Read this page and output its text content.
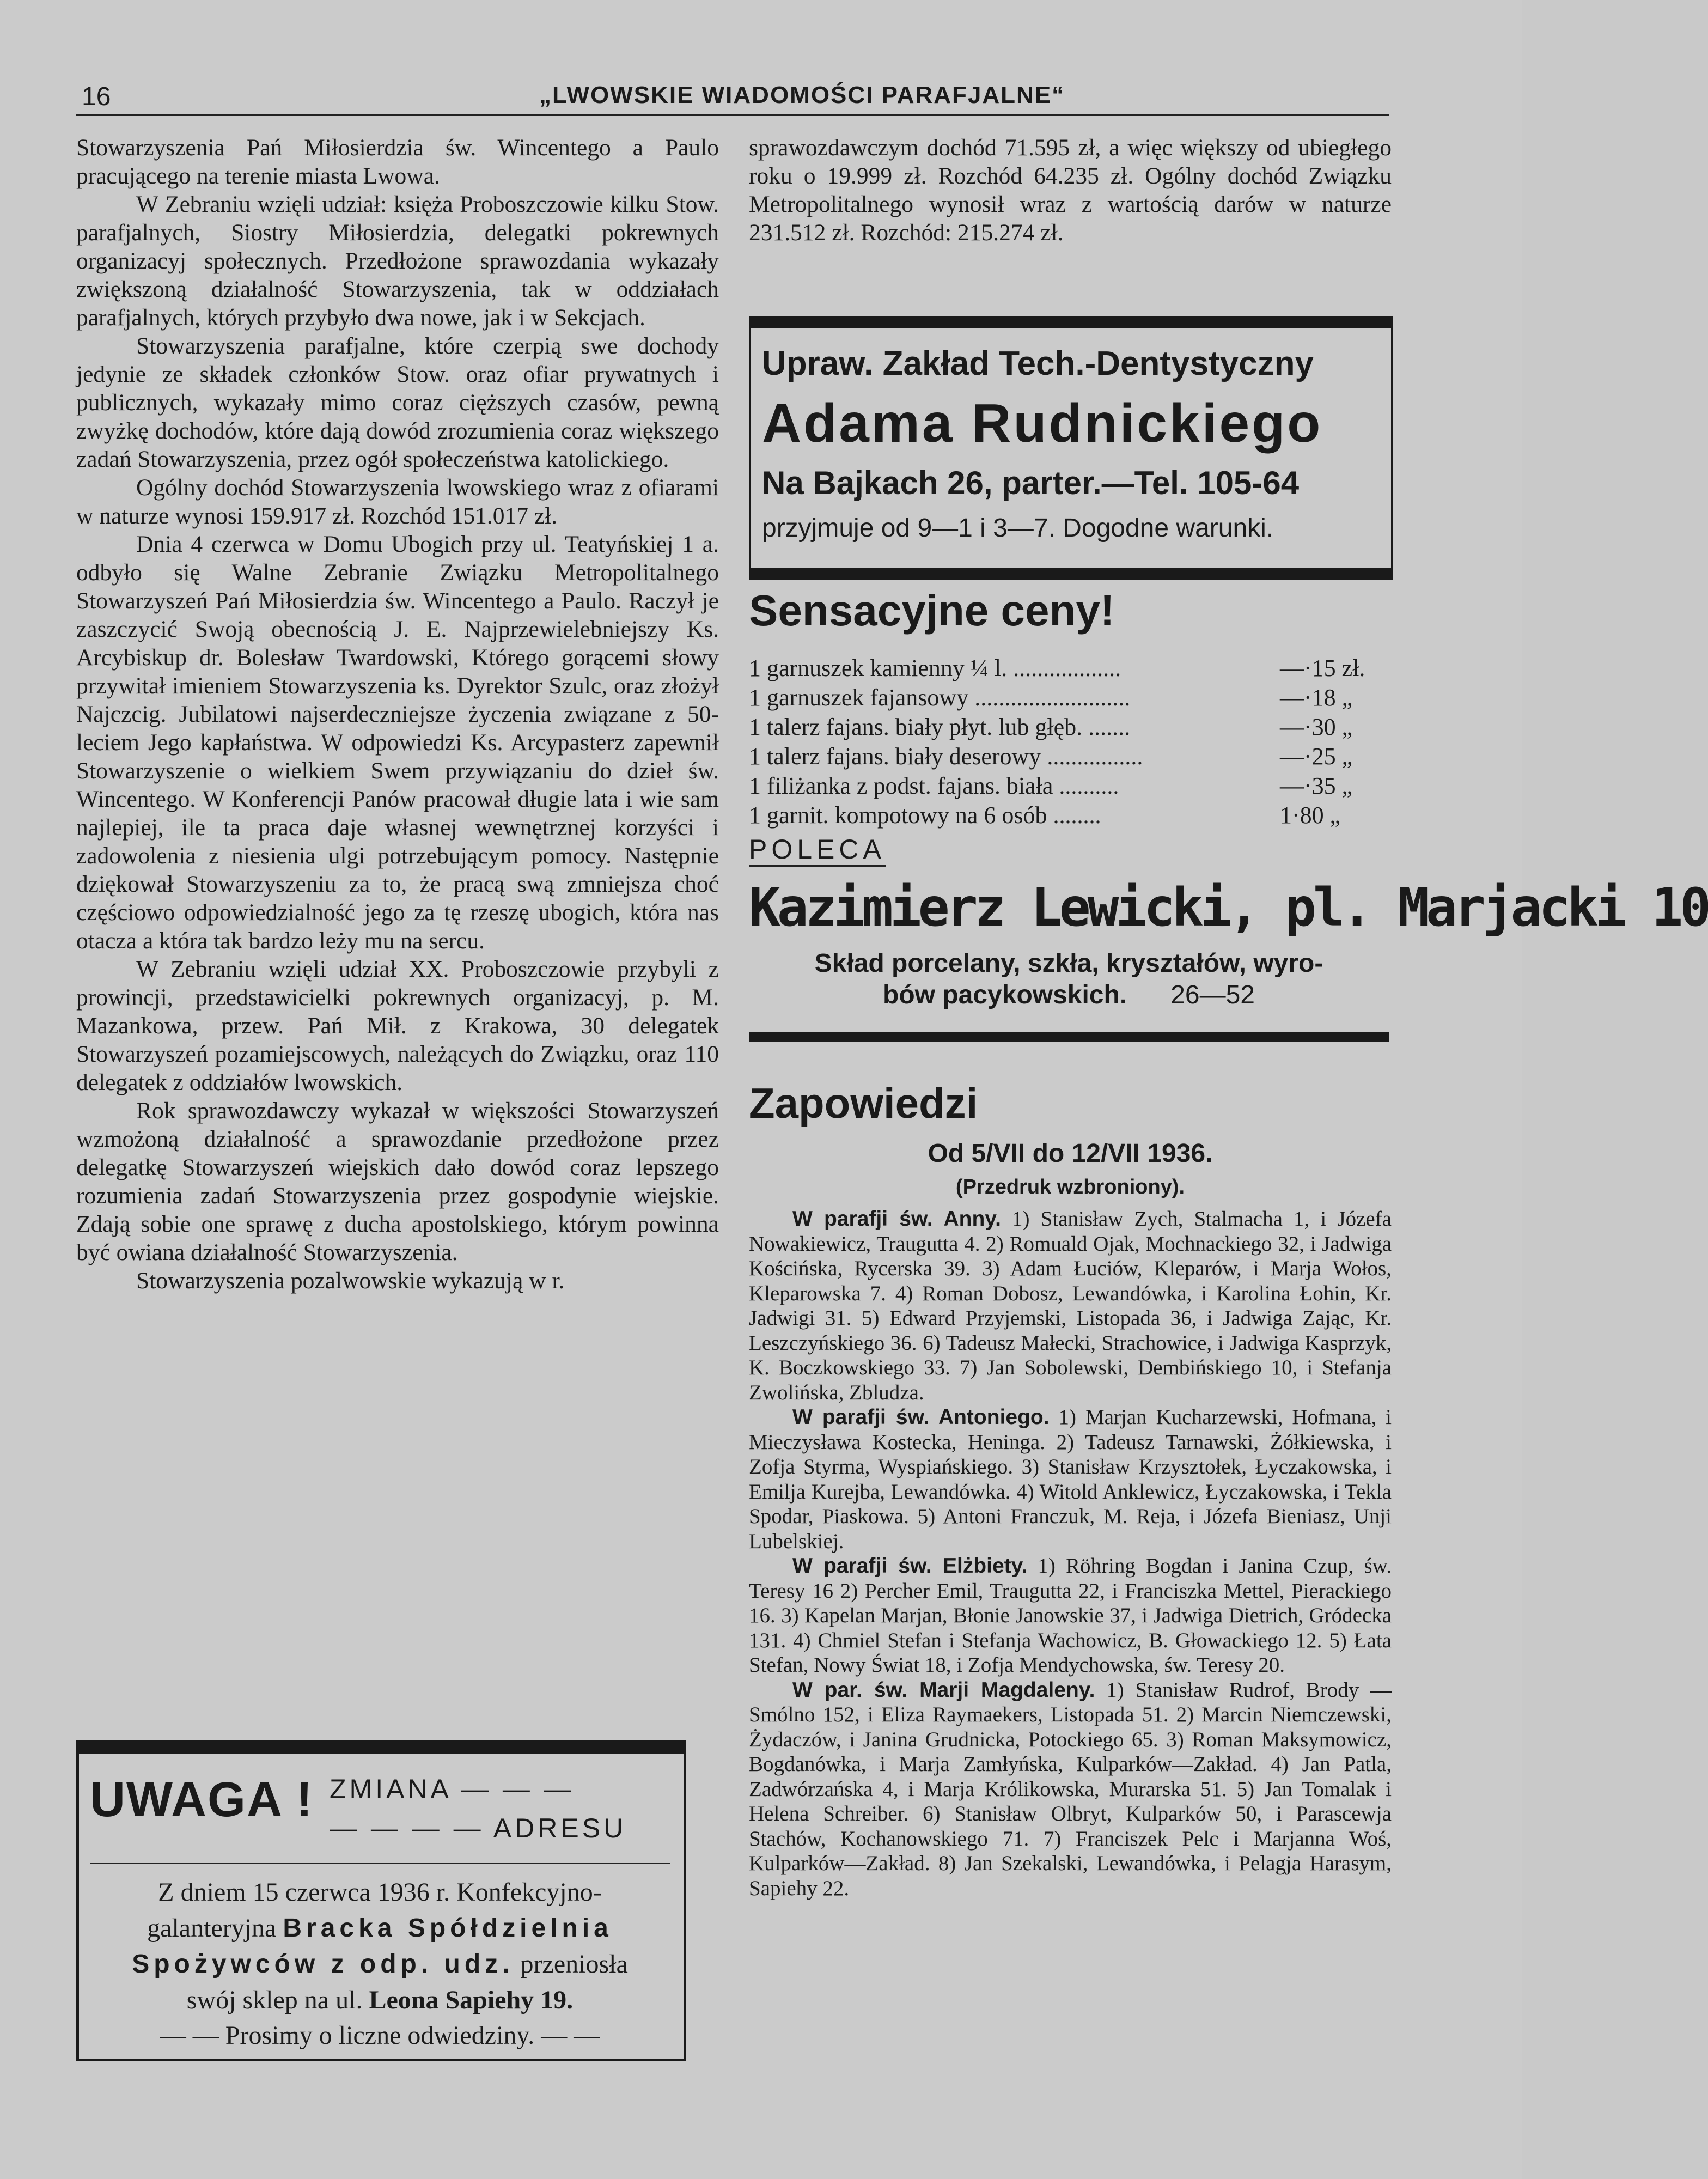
16	„LWOWSKIE WIADOMOŚCI PARAFJALNE“

Stowarzyszenia Pań Miłosierdzia św. Wincentego a Paulo pracującego na terenie miasta Lwowa.

W Zebraniu wzięli udział: księża Proboszczowie kilku Stow. parafjalnych, Siostry Miłosierdzia, delegatki pokrewnych organizacyj społecznych. Przedłożone sprawozdania wykazały zwiększoną działalność Stowarzyszenia, tak w oddziałach parafjalnych, których przybyło dwa nowe, jak i w Sekcjach.

Stowarzyszenia parafjalne, które czerpią swe dochody jedynie ze składek członków Stow. oraz ofiar prywatnych i publicznych, wykazały mimo coraz cięższych czasów, pewną zwyżkę dochodów, które dają dowód zrozumienia coraz większego zadań Stowarzyszenia, przez ogół społeczeństwa katolickiego.

Ogólny dochód Stowarzyszenia lwowskiego wraz z ofiarami w naturze wynosi 159.917 zł. Rozchód 151.017 zł.

Dnia 4 czerwca w Domu Ubogich przy ul. Teatyńskiej 1 a. odbyło się Walne Zebranie Związku Metropolitalnego Stowarzyszeń Pań Miłosierdzia św. Wincentego a Paulo. Raczył je zaszczycić Swoją obecnością J. E. Najprzewielebniejszy Ks. Arcybiskup dr. Bolesław Twardowski, Którego gorącemi słowy przywitał imieniem Stowarzyszenia ks. Dyrektor Szulc, oraz złożył Najczcig. Jubilatowi najserdeczniejsze życzenia związane z 50-leciem Jego kapłaństwa. W odpowiedzi Ks. Arcypasterz zapewnił Stowarzyszenie o wielkiem Swem przywiązaniu do dzieł św. Wincentego. W Konferencji Panów pracował długie lata i wie sam najlepiej, ile ta praca daje własnej wewnętrznej korzyści i zadowolenia z niesienia ulgi potrzebującym pomocy. Następnie dziękował Stowarzyszeniu za to, że pracą swą zmniejsza choć częściowo odpowiedzialność jego za tę rzeszę ubogich, która nas otacza a która tak bardzo leży mu na sercu.

W Zebraniu wzięli udział XX. Proboszczowie przybyli z prowincji, przedstawicielki pokrewnych organizacyj, p. M. Mazankowa, przew. Pań Mił. z Krakowa, 30 delegatek Stowarzyszeń pozamiejscowych, należących do Związku, oraz 110 delegatek z oddziałów lwowskich.

Rok sprawozdawczy wykazał w większości Stowarzyszeń wzmożoną działalność a sprawozdanie przedłożone przez delegatkę Stowarzyszeń wiejskich dało dowód coraz lepszego rozumienia zadań Stowarzyszenia przez gospodynie wiejskie. Zdają sobie one sprawę z ducha apostolskiego, którym powinna być owiana działalność Stowarzyszenia.

Stowarzyszenia pozalwowskie wykazują w r.

UWAGA ! ZMIANA — — —
— — — — ADRESU
Z dniem 15 czerwca 1936 r. Konfekcyjno-
galanteryjna Bracka Spółdzielnia
Spożywców z odp. udz. przeniosła
swój sklep na ul. Leona Sapiehy 19.
— — Prosimy o liczne odwiedziny. — —

sprawozdawczym dochód 71.595 zł, a więc większy od ubiegłego roku o 19.999 zł. Rozchód 64.235 zł. Ogólny dochód Związku Metropolitalnego wynosił wraz z wartością darów w naturze 231.512 zł. Rozchód: 215.274 zł.

Upraw. Zakład Tech.-Dentystyczny
Adama Rudnickiego
Na Bajkach 26, parter.—Tel. 105-64
przyjmuje od 9—1 i 3—7. Dogodne warunki.
Sensacyjne ceny!
1 garnuszek kamienny ¼ l. ..................	—·15 zł.
1 garnuszek fajansowy ..........................	—·18 „
1 talerz fajans. biały płyt. lub głęb. .......	—·30 „
1 talerz fajans. biały deserowy ................	—·25 „
1 filiżanka z podst. fajans. biała ..........	—·35 „
1 garnit. kompotowy na 6 osób ........	1·80 „
POLECA
Kazimierz Lewicki, pl. Marjacki 10
Skład porcelany, szkła, kryształów, wyro-
bów pacykowskich. 26—52
Zapowiedzi
Od 5/VII do 12/VII 1936.
(Przedruk wzbroniony).

W parafji św. Anny. 1) Stanisław Zych, Stalmacha 1, i Józefa Nowakiewicz, Traugutta 4. 2) Romuald Ojak, Mochnackiego 32, i Jadwiga Kościńska, Rycerska 39. 3) Adam Łuciów, Kleparów, i Marja Wołos, Kleparowska 7. 4) Roman Dobosz, Lewandówka, i Karolina Łohin, Kr. Jadwigi 31. 5) Edward Przyjemski, Listopada 36, i Jadwiga Zając, Kr. Leszczyńskiego 36. 6) Tadeusz Małecki, Strachowice, i Jadwiga Kasprzyk, K. Boczkowskiego 33. 7) Jan Sobolewski, Dembińskiego 10, i Stefanja Zwolińska, Zbludza.

W parafji św. Antoniego. 1) Marjan Kucharzewski, Hofmana, i Mieczysława Kostecka, Heninga. 2) Tadeusz Tarnawski, Żółkiewska, i Zofja Styrma, Wyspiańskiego. 3) Stanisław Krzysztołek, Łyczakowska, i Emilja Kurejba, Lewandówka. 4) Witold Anklewicz, Łyczakowska, i Tekla Spodar, Piaskowa. 5) Antoni Franczuk, M. Reja, i Józefa Bieniasz, Unji Lubelskiej.

W parafji św. Elżbiety. 1) Röhring Bogdan i Janina Czup, św. Teresy 16 2) Percher Emil, Traugutta 22, i Franciszka Mettel, Pierackiego 16. 3) Kapelan Marjan, Błonie Janowskie 37, i Jadwiga Dietrich, Gródecka 131. 4) Chmiel Stefan i Stefanja Wachowicz, B. Głowackiego 12. 5) Łata Stefan, Nowy Świat 18, i Zofja Mendychowska, św. Teresy 20.

W par. św. Marji Magdaleny. 1) Stanisław Rudrof, Brody — Smólno 152, i Eliza Raymaekers, Listopada 51. 2) Marcin Niemczewski, Żydaczów, i Janina Grudnicka, Potockiego 65. 3) Roman Maksymowicz, Bogdanówka, i Marja Zamłyńska, Kulparków—Zakład. 4) Jan Patla, Zadwórzańska 4, i Marja Królikowska, Murarska 51. 5) Jan Tomalak i Helena Schreiber. 6) Stanisław Olbryt, Kulparków 50, i Parascewja Stachów, Kochanowskiego 71. 7) Franciszek Pelc i Marjanna Woś, Kulparków—Zakład. 8) Jan Szekalski, Lewandówka, i Pelagja Harasym, Sapiehy 22.
